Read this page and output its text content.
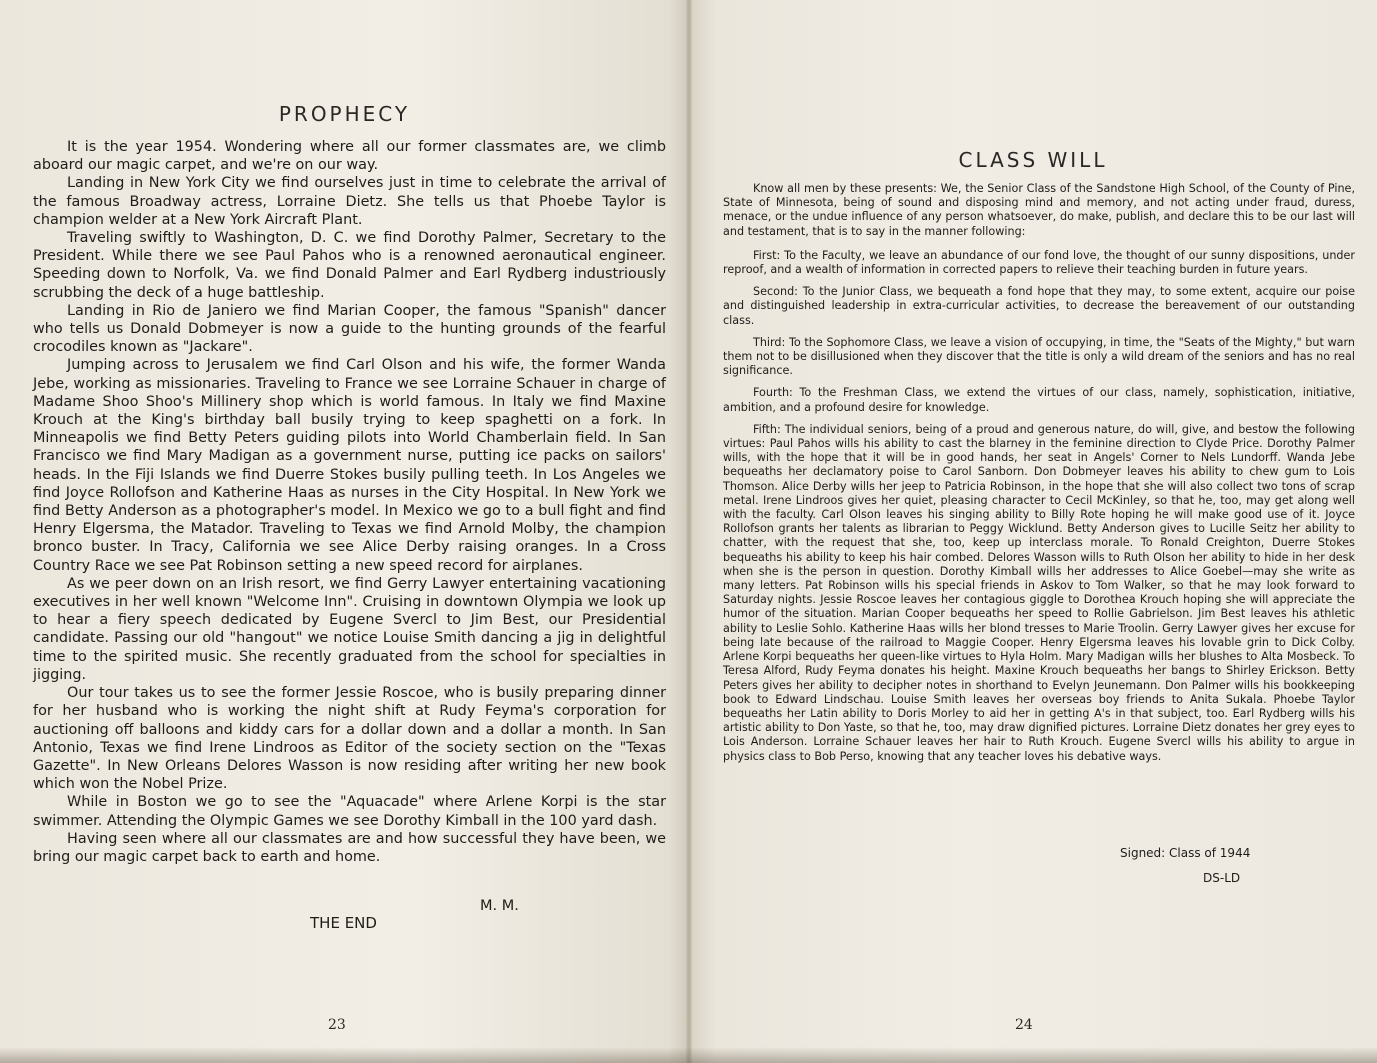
PROPHECY

It is the year 1954. Wondering where all our former classmates are, we climb aboard our magic carpet, and we're on our way.

Landing in New York City we find ourselves just in time to celebrate the arrival of the famous Broadway actress, Lorraine Dietz. She tells us that Phoebe Taylor is champion welder at a New York Aircraft Plant.

Traveling swiftly to Washington, D. C. we find Dorothy Palmer, Secretary to the President. While there we see Paul Pahos who is a renowned aeronautical engineer. Speeding down to Norfolk, Va. we find Donald Palmer and Earl Rydberg industriously scrubbing the deck of a huge battleship.

Landing in Rio de Janiero we find Marian Cooper, the famous "Spanish" dancer who tells us Donald Dobmeyer is now a guide to the hunting grounds of the fearful crocodiles known as "Jackare".

Jumping across to Jerusalem we find Carl Olson and his wife, the former Wanda Jebe, working as missionaries. Traveling to France we see Lorraine Schauer in charge of Madame Shoo Shoo's Millinery shop which is world famous. In Italy we find Maxine Krouch at the King's birthday ball busily trying to keep spaghetti on a fork. In Minneapolis we find Betty Peters guiding pilots into World Chamberlain field. In San Francisco we find Mary Madigan as a government nurse, putting ice packs on sailors' heads. In the Fiji Islands we find Duerre Stokes busily pulling teeth. In Los Angeles we find Joyce Rollofson and Katherine Haas as nurses in the City Hospital. In New York we find Betty Anderson as a photographer's model. In Mexico we go to a bull fight and find Henry Elgersma, the Matador. Traveling to Texas we find Arnold Molby, the champion bronco buster. In Tracy, California we see Alice Derby raising oranges. In a Cross Country Race we see Pat Robinson setting a new speed record for airplanes.

As we peer down on an Irish resort, we find Gerry Lawyer entertaining vacationing executives in her well known "Welcome Inn". Cruising in downtown Olympia we look up to hear a fiery speech dedicated by Eugene Svercl to Jim Best, our Presidential candidate. Passing our old "hangout" we notice Louise Smith dancing a jig in delightful time to the spirited music. She recently graduated from the school for specialties in jigging.

Our tour takes us to see the former Jessie Roscoe, who is busily preparing dinner for her husband who is working the night shift at Rudy Feyma's corporation for auctioning off balloons and kiddy cars for a dollar down and a dollar a month. In San Antonio, Texas we find Irene Lindroos as Editor of the society section on the "Texas Gazette". In New Orleans Delores Wasson is now residing after writing her new book which won the Nobel Prize.

While in Boston we go to see the "Aquacade" where Arlene Korpi is the star swimmer. Attending the Olympic Games we see Dorothy Kimball in the 100 yard dash.

Having seen where all our classmates are and how successful they have been, we bring our magic carpet back to earth and home.

M. M.
THE END
23
CLASS WILL

Know all men by these presents: We, the Senior Class of the Sandstone High School, of the County of Pine, State of Minnesota, being of sound and disposing mind and memory, and not acting under fraud, duress, menace, or the undue influence of any person whatsoever, do make, publish, and declare this to be our last will and testament, that is to say in the manner following:

First: To the Faculty, we leave an abundance of our fond love, the thought of our sunny dispositions, under reproof, and a wealth of information in corrected papers to relieve their teaching burden in future years.

Second: To the Junior Class, we bequeath a fond hope that they may, to some extent, acquire our poise and distinguished leadership in extra-curricular activities, to decrease the bereavement of our outstanding class.

Third: To the Sophomore Class, we leave a vision of occupying, in time, the "Seats of the Mighty," but warn them not to be disillusioned when they discover that the title is only a wild dream of the seniors and has no real significance.

Fourth: To the Freshman Class, we extend the virtues of our class, namely, sophistication, initiative, ambition, and a profound desire for knowledge.

Fifth: The individual seniors, being of a proud and generous nature, do will, give, and bestow the following virtues: Paul Pahos wills his ability to cast the blarney in the feminine direction to Clyde Price. Dorothy Palmer wills, with the hope that it will be in good hands, her seat in Angels' Corner to Nels Lundorff. Wanda Jebe bequeaths her declamatory poise to Carol Sanborn. Don Dobmeyer leaves his ability to chew gum to Lois Thomson. Alice Derby wills her jeep to Patricia Robinson, in the hope that she will also collect two tons of scrap metal. Irene Lindroos gives her quiet, pleasing character to Cecil McKinley, so that he, too, may get along well with the faculty. Carl Olson leaves his singing ability to Billy Rote hoping he will make good use of it. Joyce Rollofson grants her talents as librarian to Peggy Wicklund. Betty Anderson gives to Lucille Seitz her ability to chatter, with the request that she, too, keep up interclass morale. To Ronald Creighton, Duerre Stokes bequeaths his ability to keep his hair combed. Delores Wasson wills to Ruth Olson her ability to hide in her desk when she is the person in question. Dorothy Kimball wills her addresses to Alice Goebel—may she write as many letters. Pat Robinson wills his special friends in Askov to Tom Walker, so that he may look forward to Saturday nights. Jessie Roscoe leaves her contagious giggle to Dorothea Krouch hoping she will appreciate the humor of the situation. Marian Cooper bequeaths her speed to Rollie Gabrielson. Jim Best leaves his athletic ability to Leslie Sohlo. Katherine Haas wills her blond tresses to Marie Troolin. Gerry Lawyer gives her excuse for being late because of the railroad to Maggie Cooper. Henry Elgersma leaves his lovable grin to Dick Colby. Arlene Korpi bequeaths her queen-like virtues to Hyla Holm. Mary Madigan wills her blushes to Alta Mosbeck. To Teresa Alford, Rudy Feyma donates his height. Maxine Krouch bequeaths her bangs to Shirley Erickson. Betty Peters gives her ability to decipher notes in shorthand to Evelyn Jeunemann. Don Palmer wills his bookkeeping book to Edward Lindschau. Louise Smith leaves her overseas boy friends to Anita Sukala. Phoebe Taylor bequeaths her Latin ability to Doris Morley to aid her in getting A's in that subject, too. Earl Rydberg wills his artistic ability to Don Yaste, so that he, too, may draw dignified pictures. Lorraine Dietz donates her grey eyes to Lois Anderson. Lorraine Schauer leaves her hair to Ruth Krouch. Eugene Svercl wills his ability to argue in physics class to Bob Perso, knowing that any teacher loves his debative ways.

Signed: Class of 1944
DS-LD
24
